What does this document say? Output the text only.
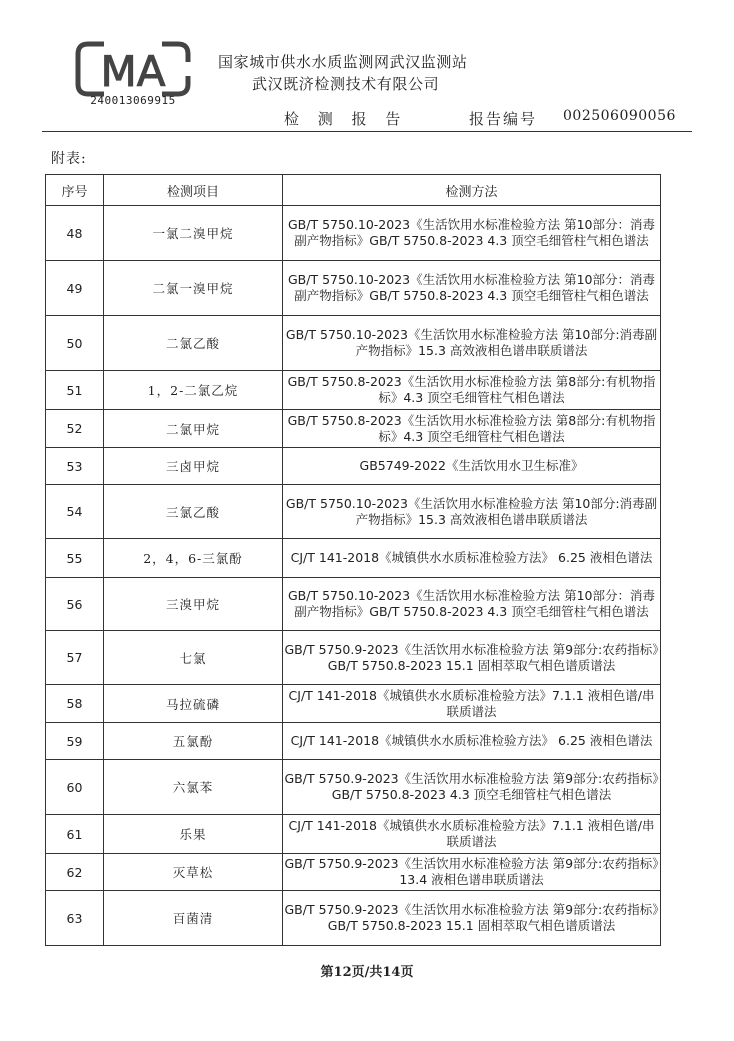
MA
240013069915
国家城市供水水质监测网武汉监测站
武汉既济检测技术有限公司
检 测 报 告	报告编号 002506090056
附表:
序号	检测项目	检测方法
48	一氯二溴甲烷	GB/T 5750.10-2023《生活饮用水标准检验方法 第10部分：消毒副产物指标》GB/T 5750.8-2023 4.3 顶空毛细管柱气相色谱法
49	二氯一溴甲烷	GB/T 5750.10-2023《生活饮用水标准检验方法 第10部分：消毒副产物指标》GB/T 5750.8-2023 4.3 顶空毛细管柱气相色谱法
50	二氯乙酸	GB/T 5750.10-2023《生活饮用水标准检验方法 第10部分:消毒副产物指标》15.3 高效液相色谱串联质谱法
51	1，2-二氯乙烷	GB/T 5750.8-2023《生活饮用水标准检验方法 第8部分:有机物指标》4.3 顶空毛细管柱气相色谱法
52	二氯甲烷	GB/T 5750.8-2023《生活饮用水标准检验方法 第8部分:有机物指标》4.3 顶空毛细管柱气相色谱法
53	三卤甲烷	GB5749-2022《生活饮用水卫生标准》
54	三氯乙酸	GB/T 5750.10-2023《生活饮用水标准检验方法 第10部分:消毒副产物指标》15.3 高效液相色谱串联质谱法
55	2，4，6-三氯酚	CJ/T 141-2018《城镇供水水质标准检验方法》 6.25 液相色谱法
56	三溴甲烷	GB/T 5750.10-2023《生活饮用水标准检验方法 第10部分：消毒副产物指标》GB/T 5750.8-2023 4.3 顶空毛细管柱气相色谱法
57	七氯	GB/T 5750.9-2023《生活饮用水标准检验方法 第9部分:农药指标》GB/T 5750.8-2023 15.1 固相萃取气相色谱质谱法
58	马拉硫磷	CJ/T 141-2018《城镇供水水质标准检验方法》7.1.1 液相色谱/串联质谱法
59	五氯酚	CJ/T 141-2018《城镇供水水质标准检验方法》 6.25 液相色谱法
60	六氯苯	GB/T 5750.9-2023《生活饮用水标准检验方法 第9部分:农药指标》GB/T 5750.8-2023 4.3 顶空毛细管柱气相色谱法
61	乐果	CJ/T 141-2018《城镇供水水质标准检验方法》7.1.1 液相色谱/串联质谱法
62	灭草松	GB/T 5750.9-2023《生活饮用水标准检验方法 第9部分:农药指标》13.4 液相色谱串联质谱法
63	百菌清	GB/T 5750.9-2023《生活饮用水标准检验方法 第9部分:农药指标》GB/T 5750.8-2023 15.1 固相萃取气相色谱质谱法
第12页/共14页
